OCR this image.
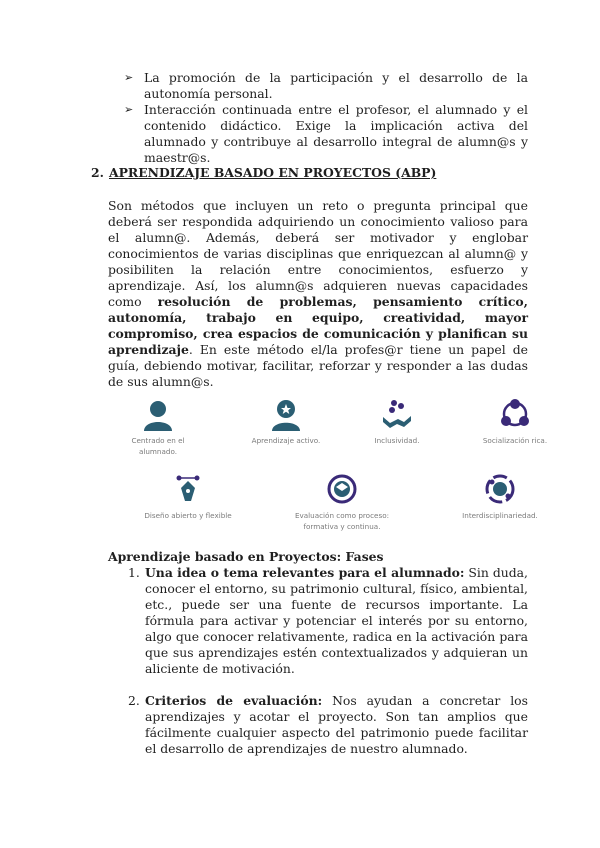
➢ La promoción de la participación y el desarrollo de la autonomía personal.
➢ Interacción continuada entre el profesor, el alumnado y el contenido didáctico. Exige la implicación activa del alumnado y contribuye al desarrollo integral de alumn@s y maestr@s.
2. APRENDIZAJE BASADO EN PROYECTOS (ABP)
Son métodos que incluyen un reto o pregunta principal que deberá ser respondida adquiriendo un conocimiento valioso para el alumn@. Además, deberá ser motivador y englobar conocimientos de varias disciplinas que enriquezcan al alumn@ y posibiliten la relación entre conocimientos, esfuerzo y aprendizaje. Así, los alumn@s adquieren nuevas capacidades como resolución de problemas, pensamiento crítico, autonomía, trabajo en equipo, creatividad, mayor compromiso, crea espacios de comunicación y planifican su aprendizaje. En este método el/la profes@r tiene un papel de guía, debiendo motivar, facilitar, reforzar y responder a las dudas de sus alumn@s.
Centrado en el alumnado.
Aprendizaje activo.	Inclusividad.	Socialización rica.
Diseño abierto y flexible	Evaluación como proceso: formativa y continua.
Interdisciplinariedad.
Aprendizaje basado en Proyectos: Fases
1. Una idea o tema relevantes para el alumnado: Sin duda, conocer el entorno, su patrimonio cultural, físico, ambiental, etc., puede ser una fuente de recursos importante. La fórmula para activar y potenciar el interés por su entorno, algo que conocer relativamente, radica en la activación para que sus aprendizajes estén contextualizados y adquieran un aliciente de motivación.
2. Criterios de evaluación: Nos ayudan a concretar los aprendizajes y acotar el proyecto. Son tan amplios que fácilmente cualquier aspecto del patrimonio puede facilitar el desarrollo de aprendizajes de nuestro alumnado.
